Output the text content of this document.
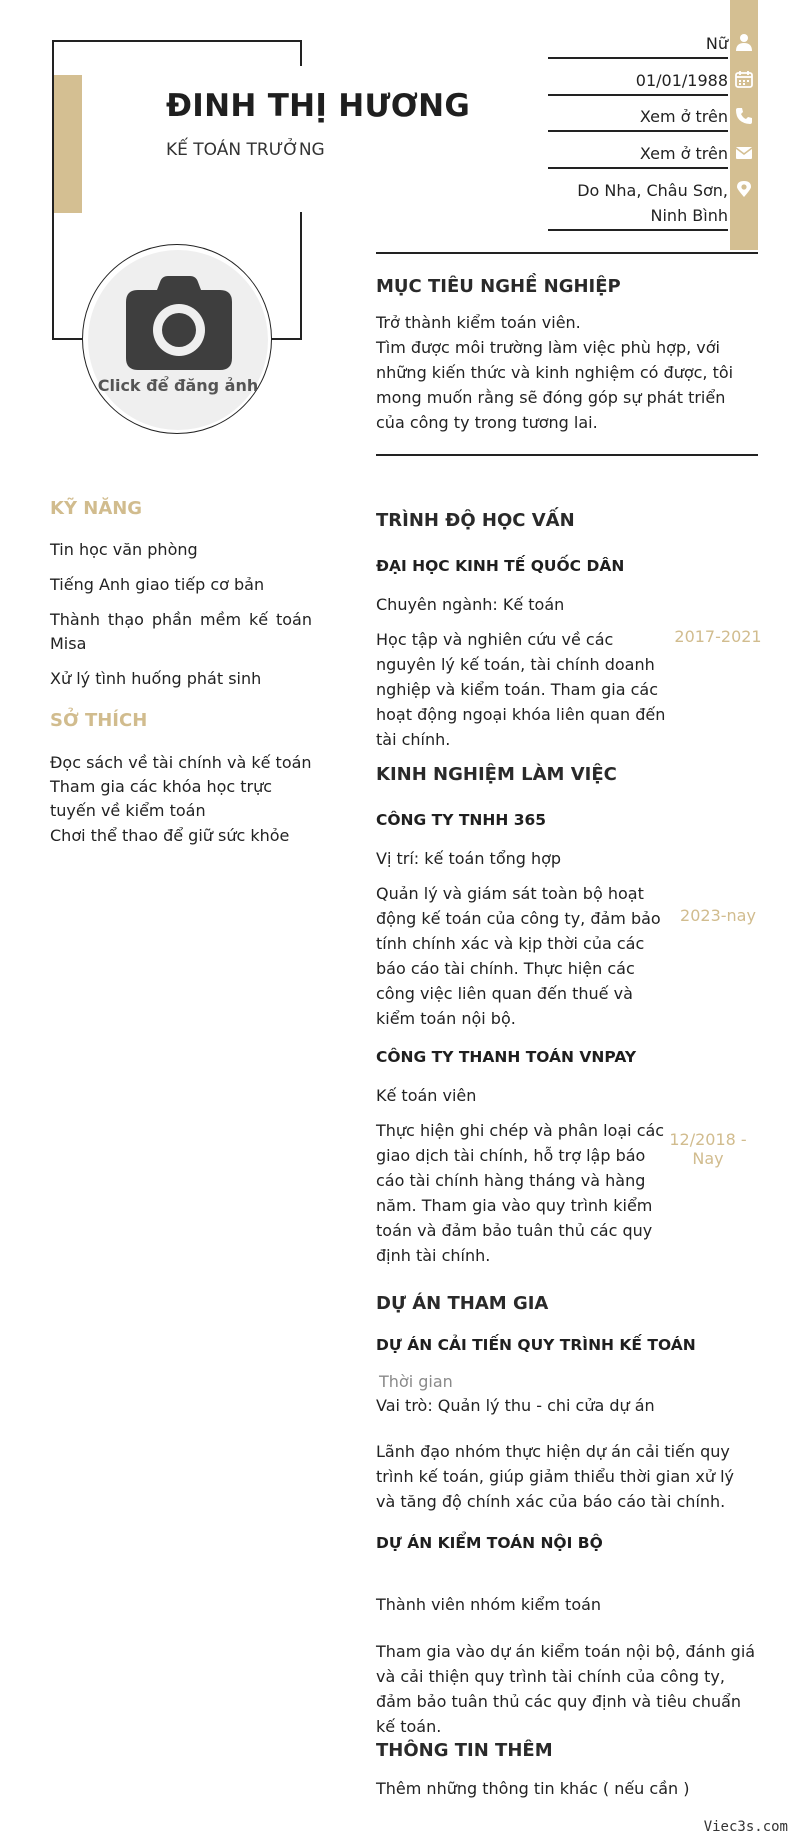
ĐINH THỊ HƯƠNG
KẾ TOÁN TRƯỞNG
Click để đăng ảnh
Nữ
01/01/1988
Xem ở trên
Xem ở trên
Do Nha, Châu Sơn,
Ninh Bình
MỤC TIÊU NGHỀ NGHIỆP
Trở thành kiểm toán viên.
Tìm được môi trường làm việc phù hợp, với những kiến thức và kinh nghiệm có được, tôi mong muốn rằng sẽ đóng góp sự phát triển của công ty trong tương lai.
KỸ NĂNG
Tin học văn phòng
Tiếng Anh giao tiếp cơ bản
Thành thạo phần mềm kế toán Misa
Xử lý tình huống phát sinh
SỞ THÍCH
Đọc sách về tài chính và kế toán
Tham gia các khóa học trực tuyến về kiểm toán
Chơi thể thao để giữ sức khỏe
TRÌNH ĐỘ HỌC VẤN
ĐẠI HỌC KINH TẾ QUỐC DÂN
Chuyên ngành: Kế toán
Học tập và nghiên cứu về các nguyên lý kế toán, tài chính doanh nghiệp và kiểm toán. Tham gia các hoạt động ngoại khóa liên quan đến tài chính.
2017-2021
KINH NGHIỆM LÀM VIỆC
CÔNG TY TNHH 365
Vị trí: kế toán tổng hợp
Quản lý và giám sát toàn bộ hoạt động kế toán của công ty, đảm bảo tính chính xác và kịp thời của các báo cáo tài chính. Thực hiện các công việc liên quan đến thuế và kiểm toán nội bộ.
2023-nay
CÔNG TY THANH TOÁN VNPAY
Kế toán viên
Thực hiện ghi chép và phân loại các giao dịch tài chính, hỗ trợ lập báo cáo tài chính hàng tháng và hàng năm. Tham gia vào quy trình kiểm toán và đảm bảo tuân thủ các quy định tài chính.
12/2018 - Nay
DỰ ÁN THAM GIA
DỰ ÁN CẢI TIẾN QUY TRÌNH KẾ TOÁN
Thời gian
Vai trò: Quản lý thu - chi cửa dự án
Lãnh đạo nhóm thực hiện dự án cải tiến quy trình kế toán, giúp giảm thiểu thời gian xử lý và tăng độ chính xác của báo cáo tài chính.
DỰ ÁN KIỂM TOÁN NỘI BỘ
Thành viên nhóm kiểm toán
Tham gia vào dự án kiểm toán nội bộ, đánh giá và cải thiện quy trình tài chính của công ty, đảm bảo tuân thủ các quy định và tiêu chuẩn kế toán.
THÔNG TIN THÊM
Thêm những thông tin khác ( nếu cần )
Viec3s.com
